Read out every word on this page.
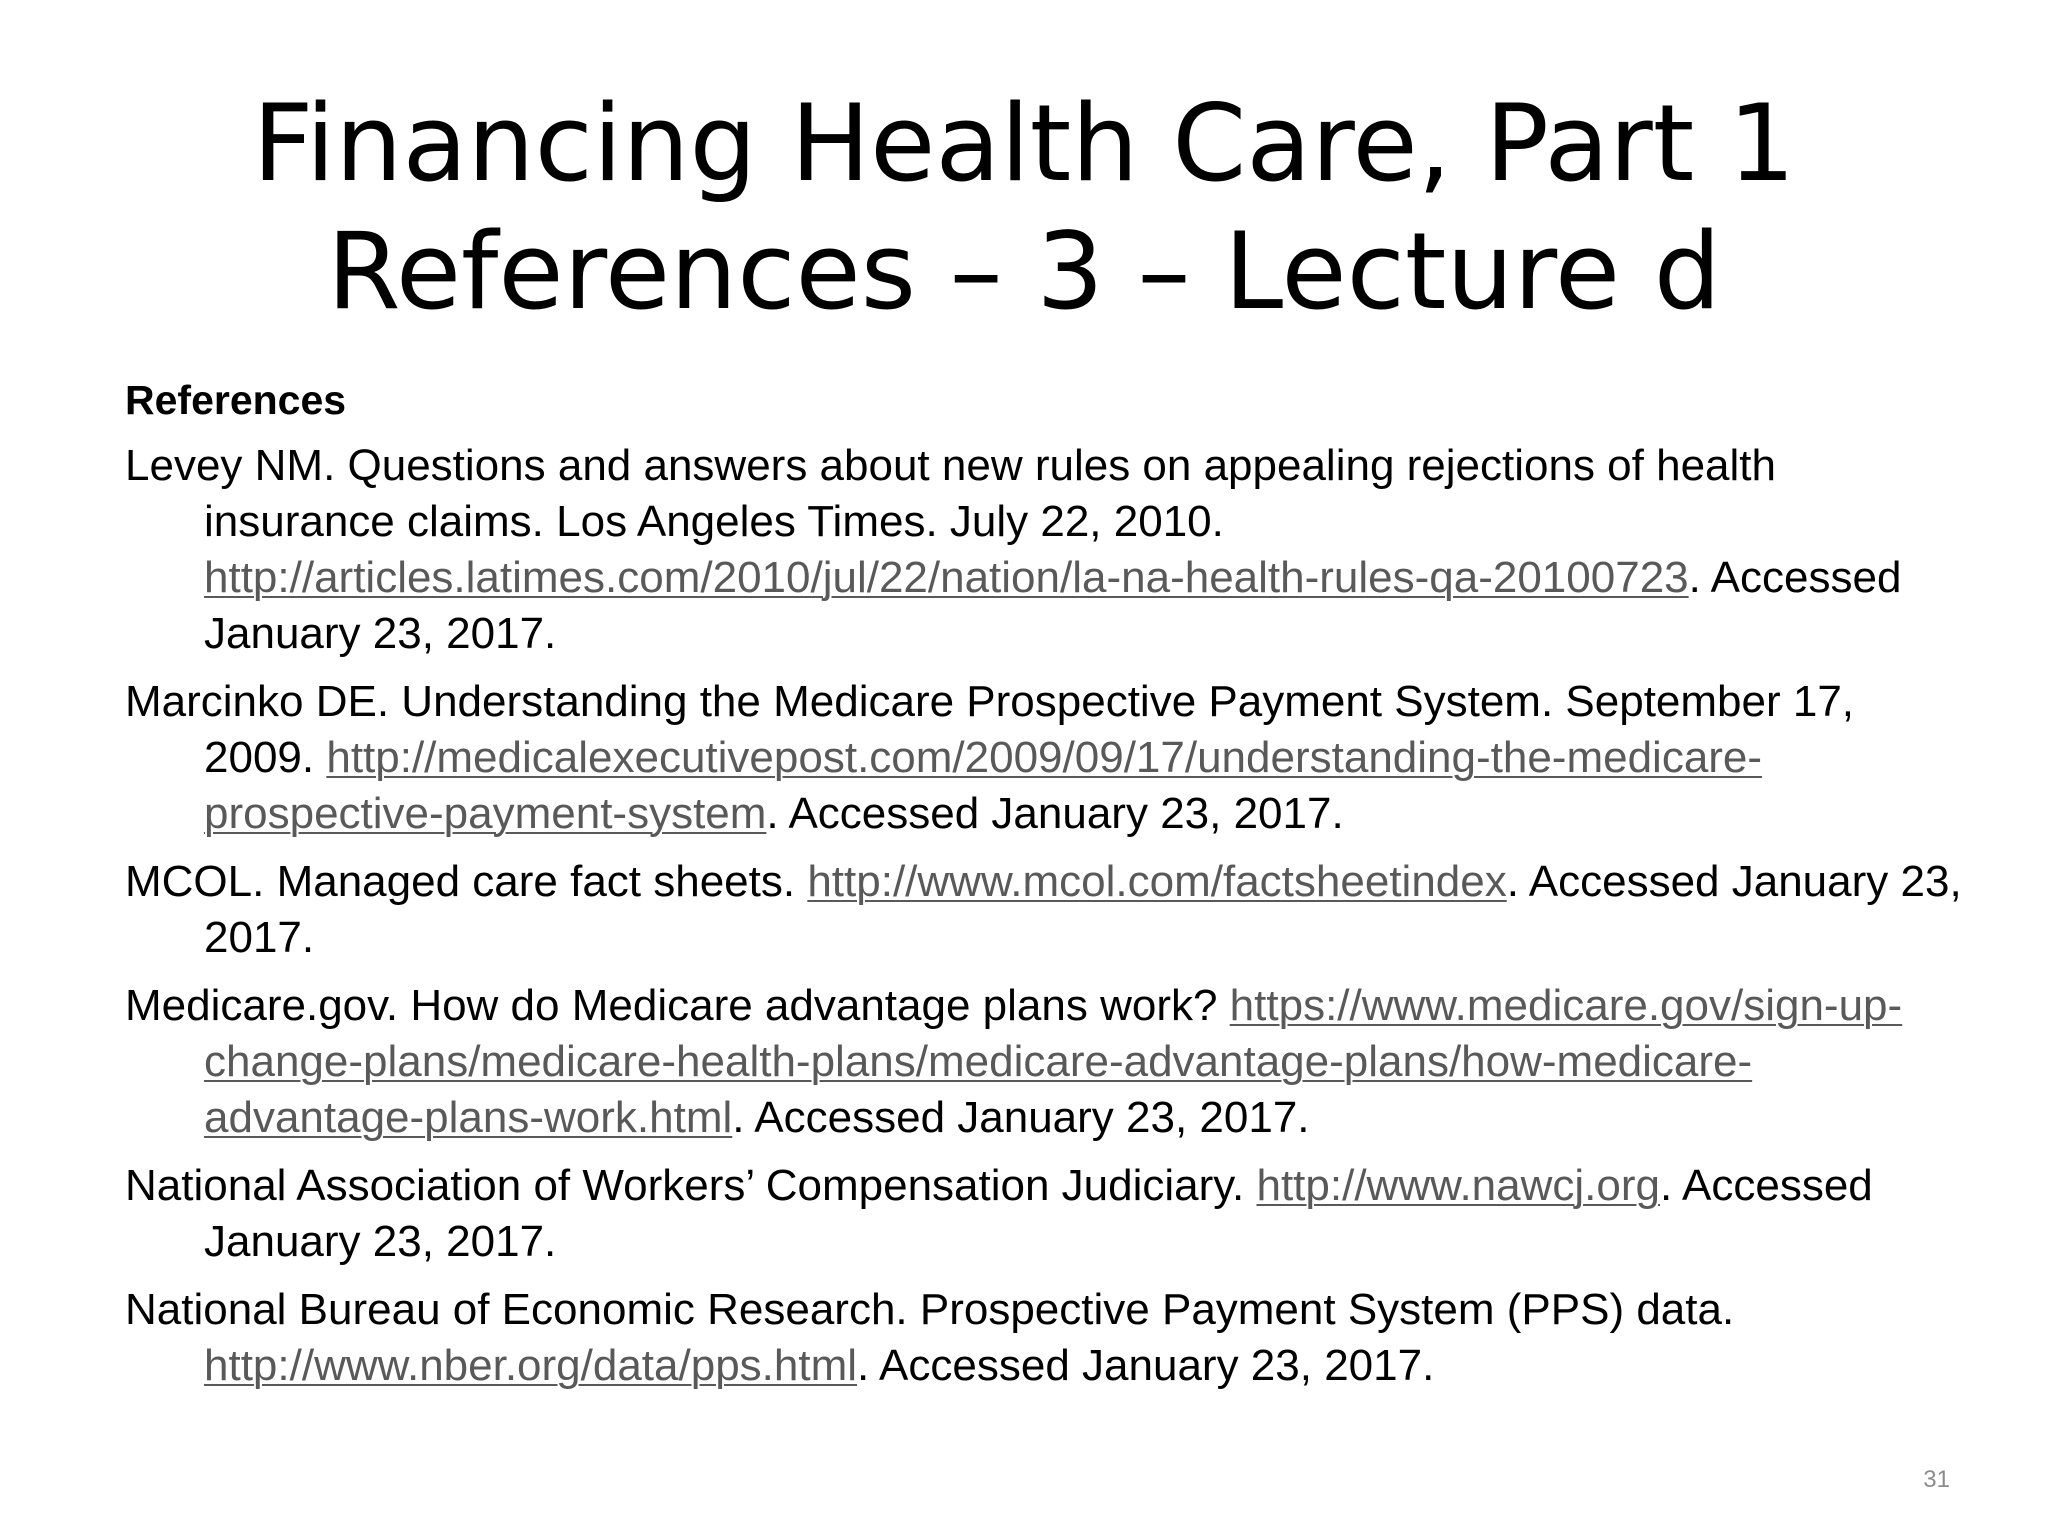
Financing Health Care, Part 1
References – 3 – Lecture d
References
Levey NM. Questions and answers about new rules on appealing rejections of health insurance claims. Los Angeles Times. July 22, 2010. http://articles.latimes.com/2010/jul/22/nation/la-na-health-rules-qa-20100723. Accessed January 23, 2017.
Marcinko DE. Understanding the Medicare Prospective Payment System. September 17, 2009. http://medicalexecutivepost.com/2009/09/17/understanding-the-medicare-prospective-payment-system. Accessed January 23, 2017.
MCOL. Managed care fact sheets. http://www.mcol.com/factsheetindex. Accessed January 23, 2017.
Medicare.gov. How do Medicare advantage plans work? https://www.medicare.gov/sign-up-change-plans/medicare-health-plans/medicare-advantage-plans/how-medicare-advantage-plans-work.html. Accessed January 23, 2017.
National Association of Workers’ Compensation Judiciary. http://www.nawcj.org. Accessed January 23, 2017.
National Bureau of Economic Research. Prospective Payment System (PPS) data. http://www.nber.org/data/pps.html. Accessed January 23, 2017.
31
